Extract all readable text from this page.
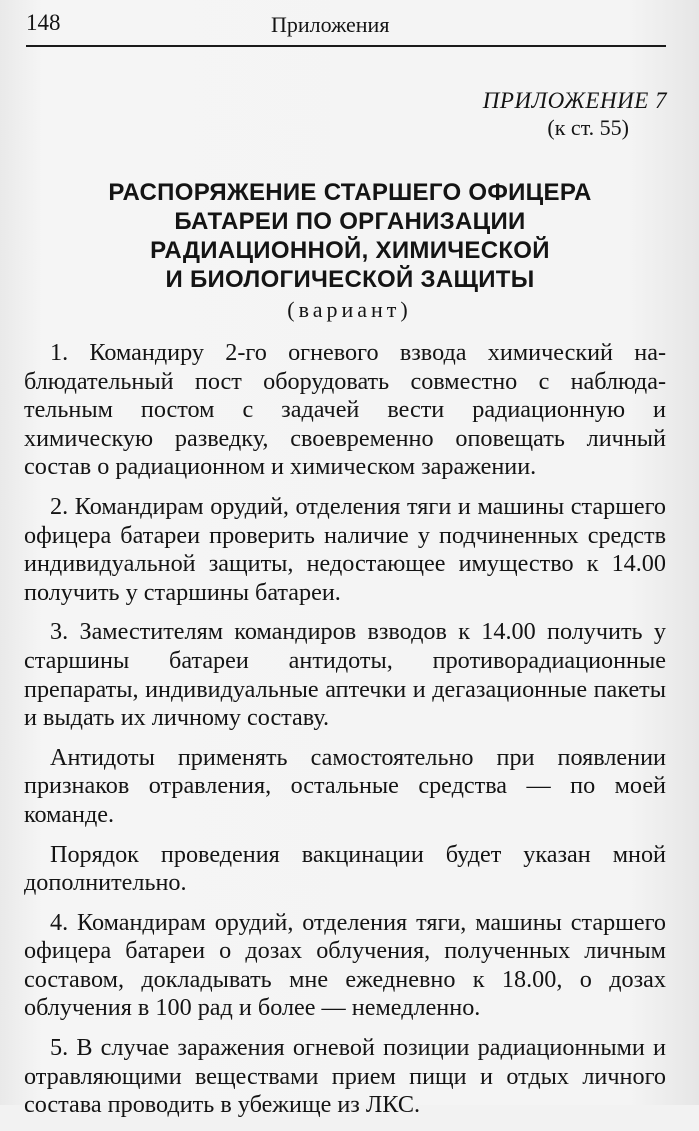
148	Приложения
ПРИЛОЖЕНИЕ 7
(к ст. 55)
РАСПОРЯЖЕНИЕ СТАРШЕГО ОФИЦЕРА
БАТАРЕИ ПО ОРГАНИЗАЦИИ
РАДИАЦИОННОЙ, ХИМИЧЕСКОЙ
И БИОЛОГИЧЕСКОЙ ЗАЩИТЫ
(вариант)

1. Командиру 2-го огневого взвода химический наблюдательный пост оборудовать совместно с наблюдательным постом с задачей вести радиационную и химическую разведку, своевременно оповещать личный состав о радиационном и химическом заражении.

2. Командирам орудий, отделения тяги и машины старшего офицера батареи проверить наличие у подчиненных средств индивидуальной защиты, недостающее имущество к 14.00 получить у старшины батареи.

3. Заместителям командиров взводов к 14.00 получить у старшины батареи антидоты, противорадиационные препараты, индивидуальные аптечки и дегазационные пакеты и выдать их личному составу.

Антидоты применять самостоятельно при появлении признаков отравления, остальные средства — по моей команде.

Порядок проведения вакцинации будет указан мной дополнительно.

4. Командирам орудий, отделения тяги, машины старшего офицера батареи о дозах облучения, полученных личным составом, докладывать мне ежедневно к 18.00, о дозах облучения в 100 рад и более — немедленно.

5. В случае заражения огневой позиции радиационными и отравляющими веществами прием пищи и отдых личного состава проводить в убежище из ЛКС.
